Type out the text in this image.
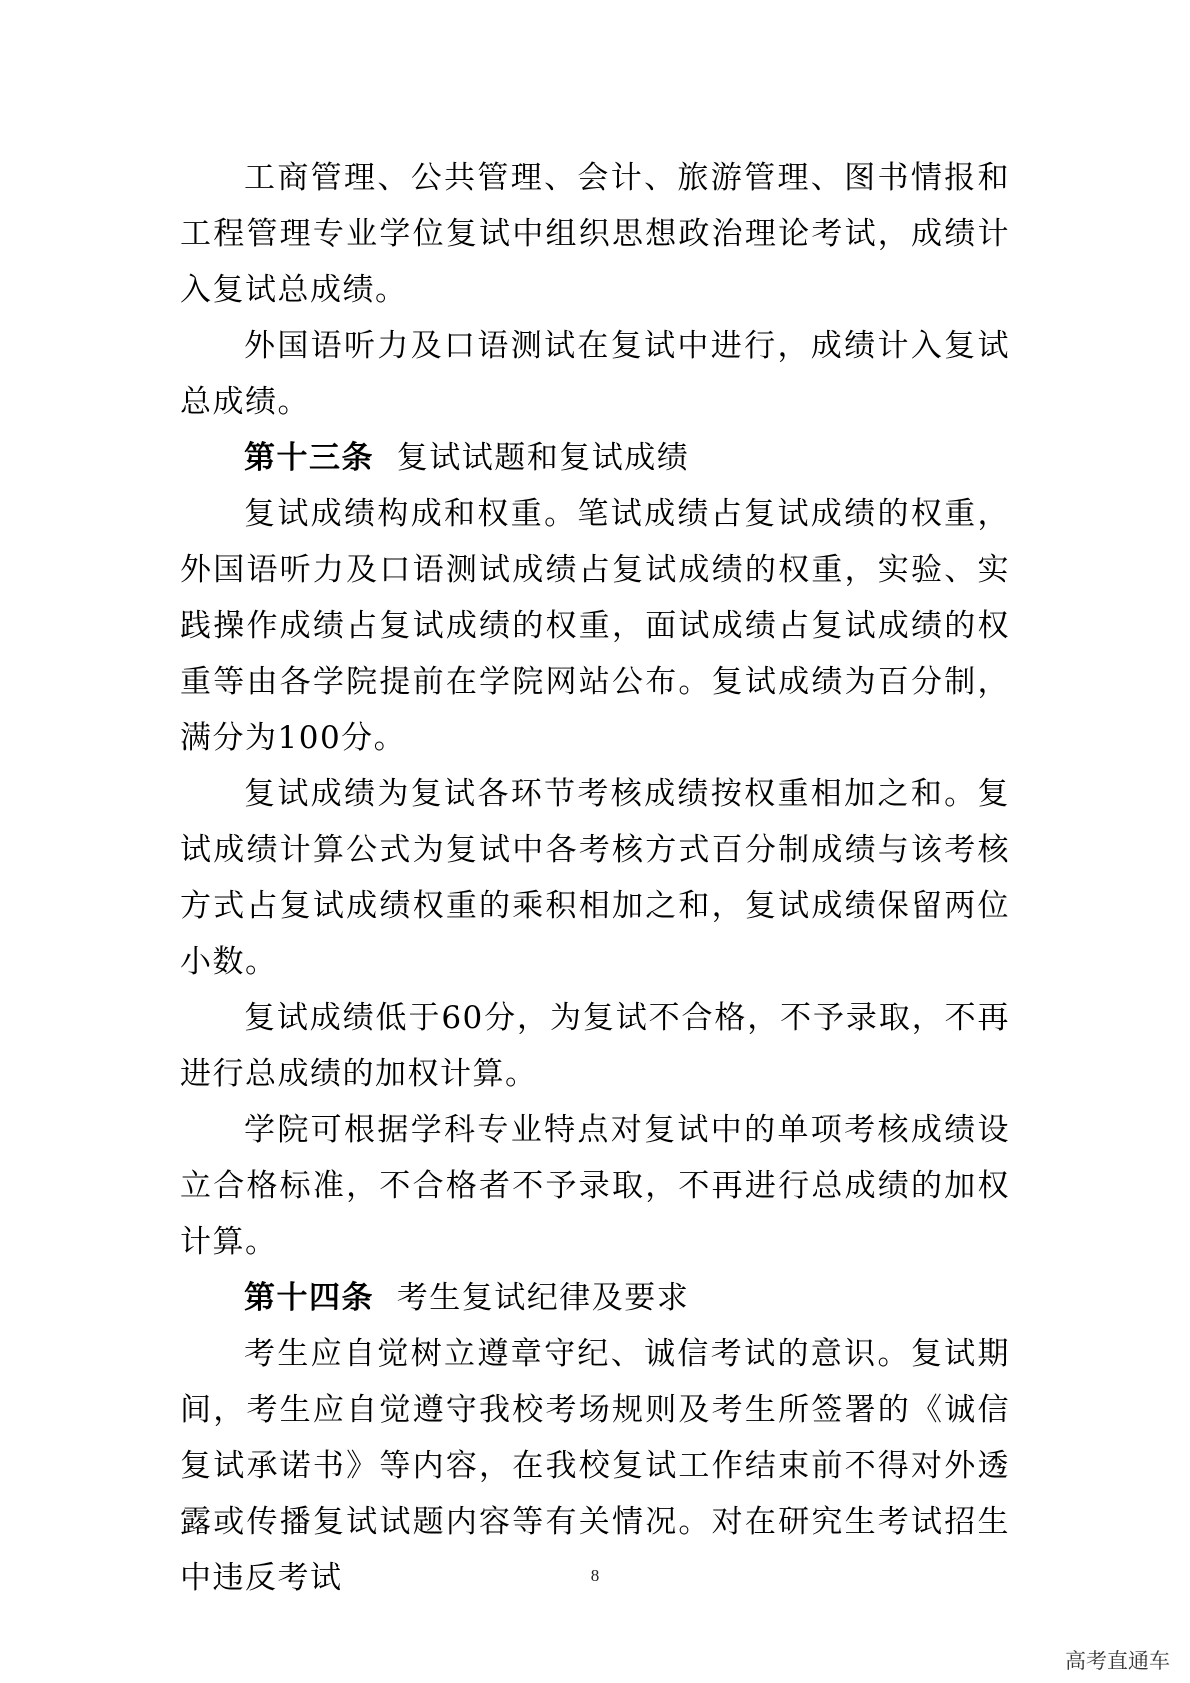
工商管理、公共管理、会计、旅游管理、图书情报和工程管理专业学位复试中组织思想政治理论考试，成绩计入复试总成绩。

外国语听力及口语测试在复试中进行，成绩计入复试总成绩。

第十三条 复试试题和复试成绩

复试成绩构成和权重。笔试成绩占复试成绩的权重，外国语听力及口语测试成绩占复试成绩的权重，实验、实践操作成绩占复试成绩的权重，面试成绩占复试成绩的权重等由各学院提前在学院网站公布。复试成绩为百分制，满分为100分。

复试成绩为复试各环节考核成绩按权重相加之和。复试成绩计算公式为复试中各考核方式百分制成绩与该考核方式占复试成绩权重的乘积相加之和，复试成绩保留两位小数。

复试成绩低于60分，为复试不合格，不予录取，不再进行总成绩的加权计算。

学院可根据学科专业特点对复试中的单项考核成绩设立合格标准，不合格者不予录取，不再进行总成绩的加权计算。

第十四条 考生复试纪律及要求

考生应自觉树立遵章守纪、诚信考试的意识。复试期间，考生应自觉遵守我校考场规则及考生所签署的《诚信复试承诺书》等内容，在我校复试工作结束前不得对外透露或传播复试试题内容等有关情况。对在研究生考试招生中违反考试	8
高考直通车
